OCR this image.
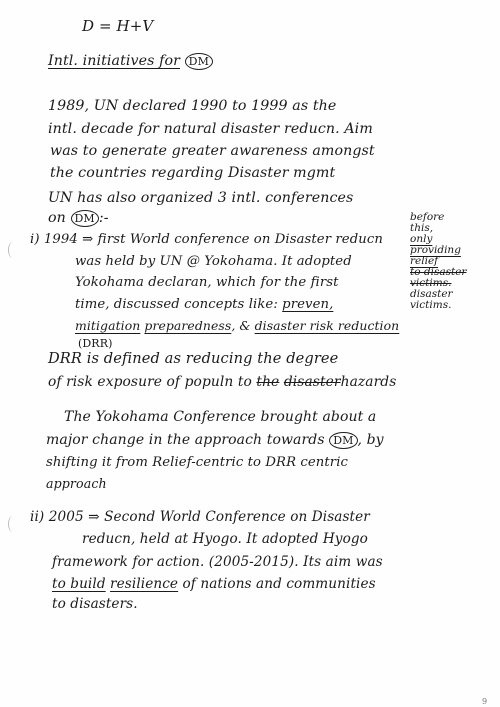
D = H+V
Intl. initiatives for DM
1989, UN declared 1990 to 1999 as the
intl. decade for natural disaster reducn. Aim
was to generate greater awareness amongst
the countries regarding Disaster mgmt
UN has also organized 3 intl. conferences
on DM :-
i) 1994 ⇒ first World conference on Disaster reducn
was held by UN @ Yokohama. It adopted
Yokohama declaran, which for the first
time, discussed concepts like: preven,
mitigation preparedness, & disaster risk reduction
(DRR)
DRR is defined as reducing the degree
of risk exposure of populn to the disasterhazards
The Yokohama Conference brought about a
major change in the approach towards DM , by
shifting it from Relief-centric to DRR centric
approach
ii) 2005 ⇒ Second World Conference on Disaster
reducn, held at Hyogo. It adopted Hyogo
framework for action. (2005-2015). Its aim was
to build resilience of nations and communities
to disasters.
before
this,
only
providing
relief
to disaster
victims.
disaster
victims.
9
